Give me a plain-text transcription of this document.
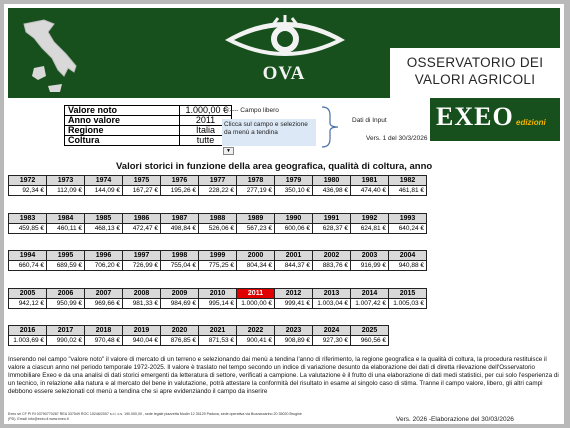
OVA
OSSERVATORIO DEI
VALORI AGRICOLI
Valore noto	1.000,00 €
Anno valore	2011
Regione	Italia
Coltura	tutte
<---- Campo libero
Clicca sul campo e selezione da menù a tendina
▼
Dati di Input
Vers. 1 del 30/3/2026
EXEO edizioni
Valori storici in funzione della area geografica, qualità di coltura, anno
1972	1973	1974	1975	1976	1977	1978	1979	1980	1981	1982
92,34 €	112,09 €	144,09 €	167,27 €	195,26 €	228,22 €	277,19 €	350,10 €	436,98 €	474,40 €	461,81 €
1983	1984	1985	1986	1987	1988	1989	1990	1991	1992	1993
459,85 €	460,11 €	468,13 €	472,47 €	498,84 €	526,06 €	567,23 €	600,06 €	628,37 €	624,81 €	640,24 €
1994	1995	1996	1997	1998	1999	2000	2001	2002	2003	2004
660,74 €	689,59 €	706,20 €	726,99 €	755,04 €	775,25 €	804,34 €	844,37 €	883,76 €	916,99 €	940,88 €
2005	2006	2007	2008	2009	2010	2011	2012	2013	2014	2015
942,12 €	950,99 €	969,66 €	981,33 €	984,69 €	995,14 €	1.000,00 €	999,41 €	1.003,04 €	1.007,42 €	1.005,03 €
2016	2017	2018	2019	2020	2021	2022	2023	2024	2025
1.003,69 €	990,02 €	970,48 €	940,04 €	876,85 €	871,53 €	900,41 €	908,89 €	927,30 €	960,56 €
Inserendo nel campo "valore noto" il valore di mercato di un terreno e selezionando dai menù a tendina l'anno di riferimento, la regione geografica e la qualità di coltura, la procedura restituisce il valore a ciascun anno nel periodo temporale 1972-2025. Il valore è traslato nel tempo secondo un indice di variazione desunto da elaborazione dei dati di diretta rilevazione dell'Osservatorio Immobiliare Exeo e da una analisi di dati storici emergenti da letteratura di settore, verificati a campione. La valutazione è il frutto di una elaborazione di dati medi statistici, per cui solo l'esperienza di un tecnico, in relazione alla natura e al mercato del bene in valutazione, potrà attestare la conformità del risultato in esame al singolo caso di stima. Tranne il campo valore, libero, gli altri campi debbono essere selezionati col menù a tendina che si apre evidenziando il campo da inserire
Exeo srl CF PI RI 03790770287 REA 337549 ROC 15246/2007 s.r.l. c.s. 190.000,00 , sede legale piazzetta Modin 12 35129 Padova, sede operativa via Buzzaccarino 20 35020 Brugine (PD). Email: info@exeo.it www.exeo.it	Vers. 2026 -Elaborazione del 30/03/2026
